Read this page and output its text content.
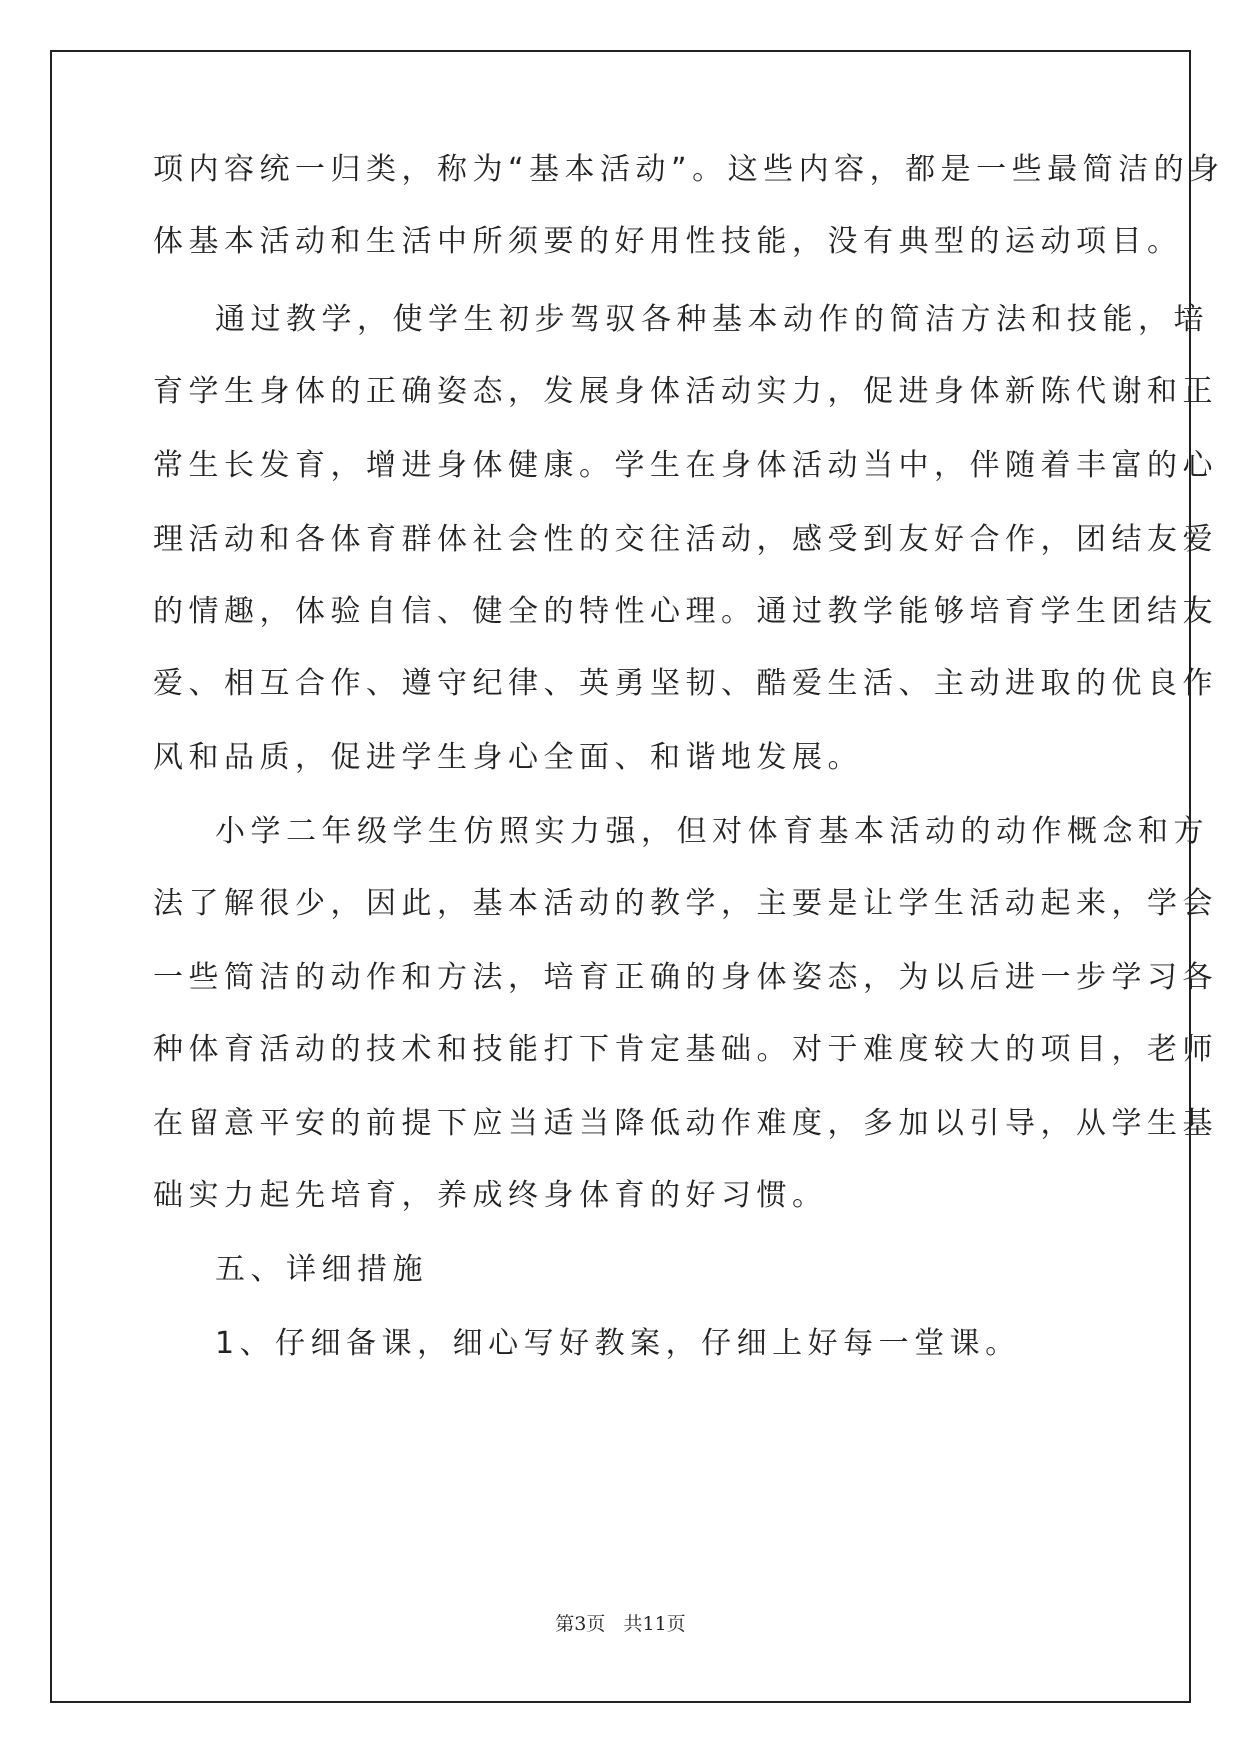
项内容统一归类，称为“基本活动”。这些内容，都是一些最简洁的身
体基本活动和生活中所须要的好用性技能，没有典型的运动项目。
通过教学，使学生初步驾驭各种基本动作的简洁方法和技能，培
育学生身体的正确姿态，发展身体活动实力，促进身体新陈代谢和正
常生长发育，增进身体健康。学生在身体活动当中，伴随着丰富的心
理活动和各体育群体社会性的交往活动，感受到友好合作，团结友爱
的情趣，体验自信、健全的特性心理。通过教学能够培育学生团结友
爱、相互合作、遵守纪律、英勇坚韧、酷爱生活、主动进取的优良作
风和品质，促进学生身心全面、和谐地发展。
小学二年级学生仿照实力强，但对体育基本活动的动作概念和方
法了解很少，因此，基本活动的教学，主要是让学生活动起来，学会
一些简洁的动作和方法，培育正确的身体姿态，为以后进一步学习各
种体育活动的技术和技能打下肯定基础。对于难度较大的项目，老师
在留意平安的前提下应当适当降低动作难度，多加以引导，从学生基
础实力起先培育，养成终身体育的好习惯。
五、详细措施
1、仔细备课，细心写好教案，仔细上好每一堂课。
第3页   共11页
